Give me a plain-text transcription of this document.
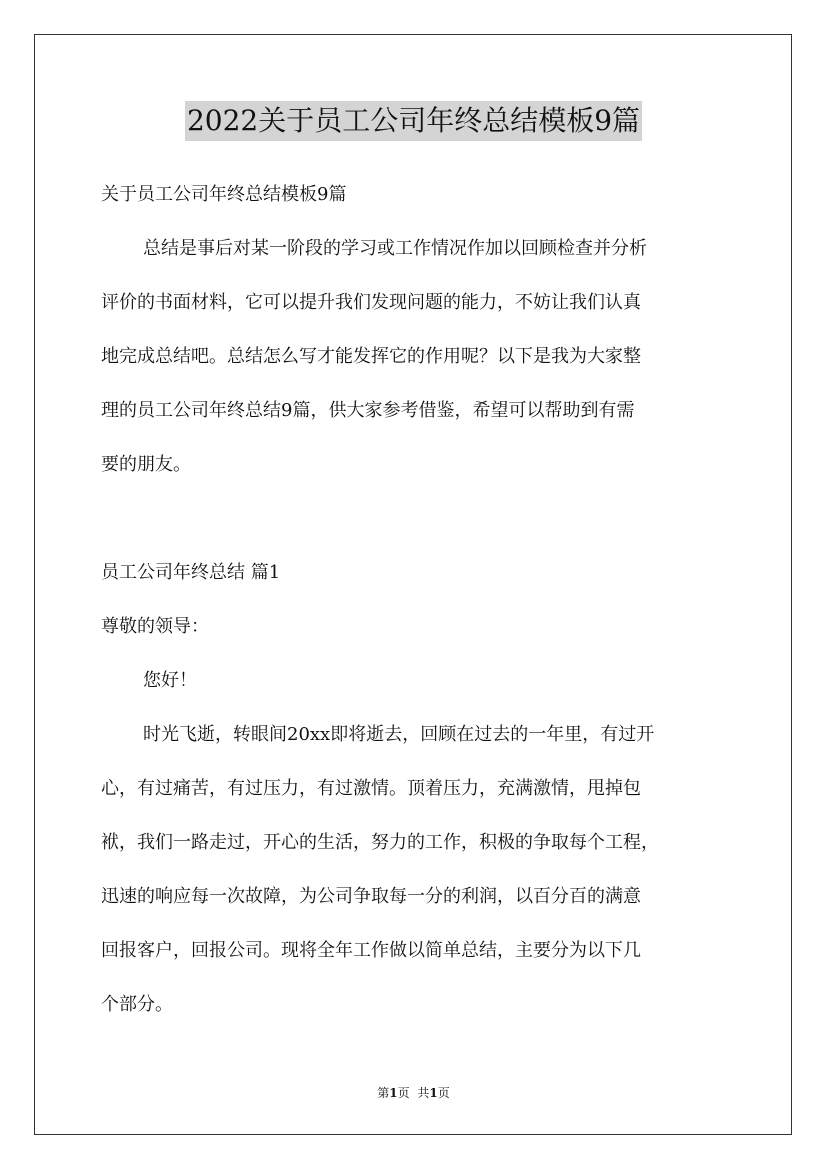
2022关于员工公司年终总结模板9篇
关于员工公司年终总结模板9篇
总结是事后对某一阶段的学习或工作情况作加以回顾检查并分析
评价的书面材料，它可以提升我们发现问题的能力，不妨让我们认真
地完成总结吧。总结怎么写才能发挥它的作用呢？以下是我为大家整
理的员工公司年终总结9篇，供大家参考借鉴，希望可以帮助到有需
要的朋友。
员工公司年终总结 篇1
尊敬的领导：
您好！
时光飞逝，转眼间20xx即将逝去，回顾在过去的一年里，有过开
心，有过痛苦，有过压力，有过激情。顶着压力，充满激情，甩掉包
袱，我们一路走过，开心的生活，努力的工作，积极的争取每个工程，
迅速的响应每一次故障，为公司争取每一分的利润，以百分百的满意
回报客户，回报公司。现将全年工作做以简单总结，主要分为以下几
个部分。
第1页 共1页
